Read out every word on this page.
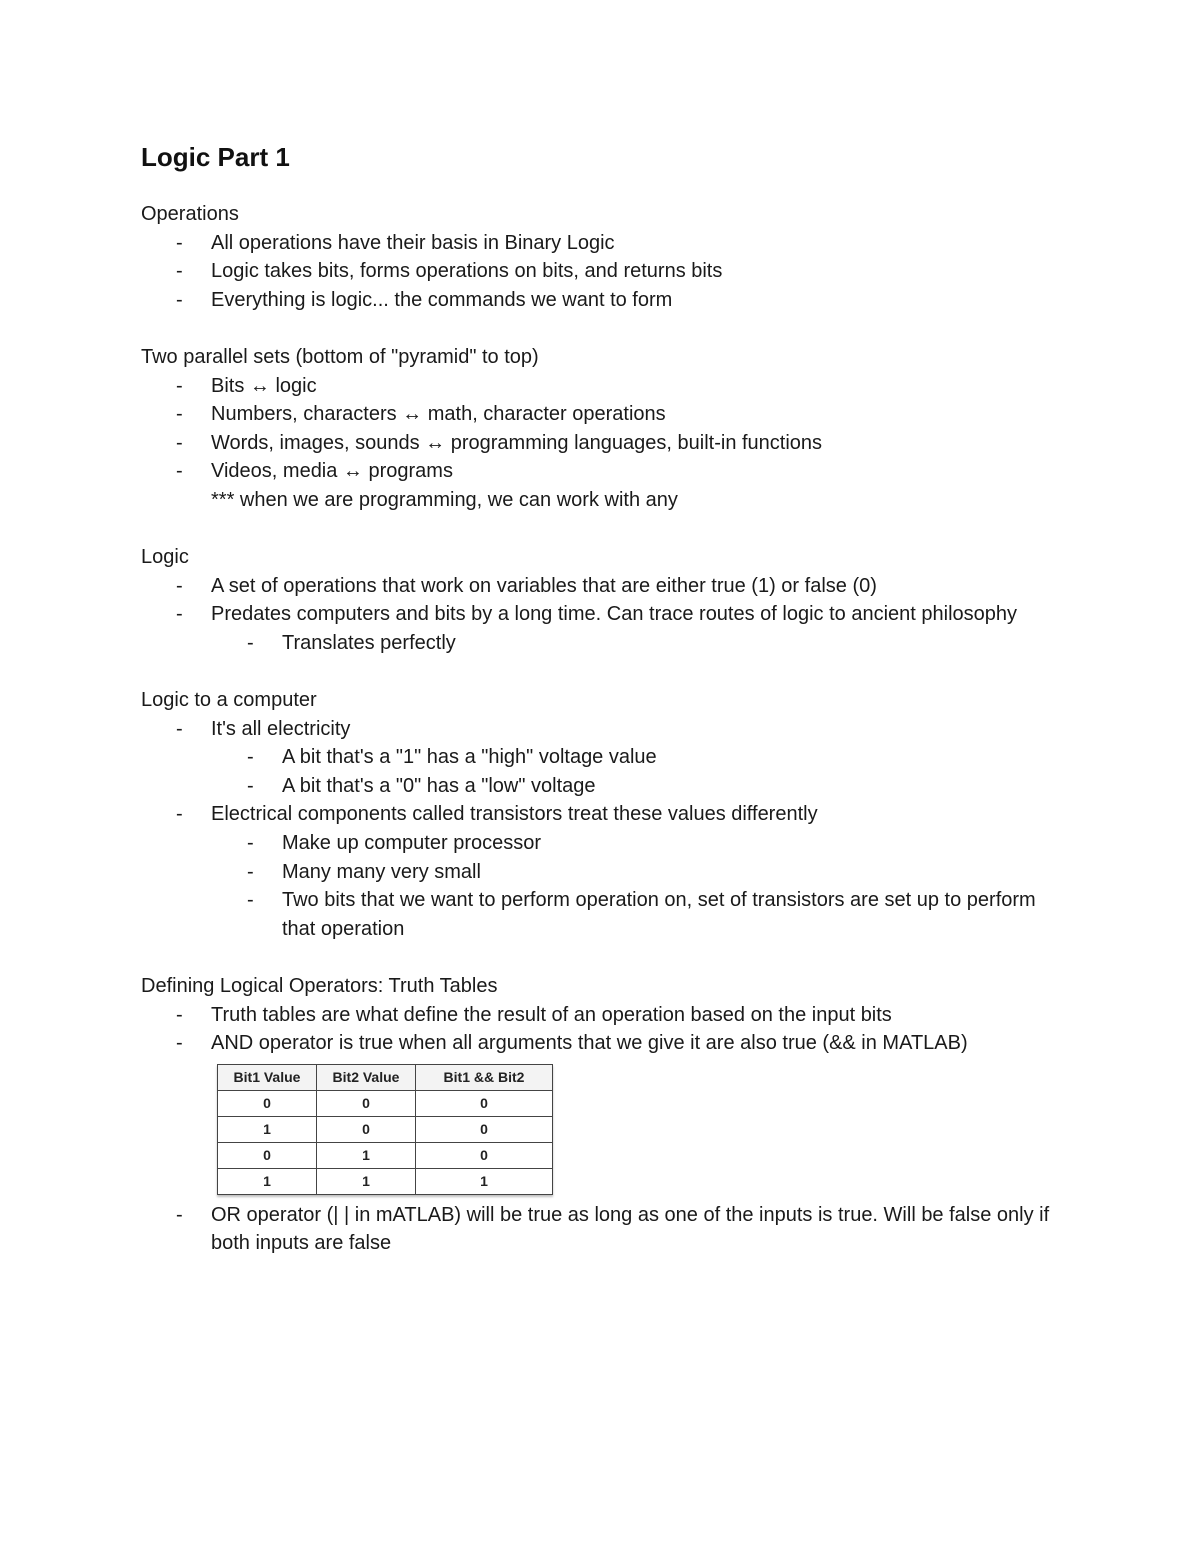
Logic Part 1

Operations

- All operations have their basis in Binary Logic
- Logic takes bits, forms operations on bits, and returns bits
- Everything is logic... the commands we want to form

Two parallel sets (bottom of "pyramid" to top)

- Bits ↔ logic
- Numbers, characters ↔ math, character operations
- Words, images, sounds ↔ programming languages, built-in functions
- Videos, media ↔ programs
*** when we are programming, we can work with any

Logic

- A set of operations that work on variables that are either true (1) or false (0)
- Predates computers and bits by a long time. Can trace routes of logic to ancient philosophy
- Translates perfectly

Logic to a computer

- It's all electricity
- A bit that's a "1" has a "high" voltage value
- A bit that's a "0" has a "low" voltage
- Electrical components called transistors treat these values differently
- Make up computer processor
- Many many very small
- Two bits that we want to perform operation on, set of transistors are set up to perform that operation

Defining Logical Operators: Truth Tables

- Truth tables are what define the result of an operation based on the input bits
- AND operator is true when all arguments that we give it are also true (&& in MATLAB)
Bit1 Value	Bit2 Value	Bit1 && Bit2
0	0	0
1	0	0
0	1	0
1	1	1
- OR operator (| | in mATLAB) will be true as long as one of the inputs is true. Will be false only if both inputs are false
